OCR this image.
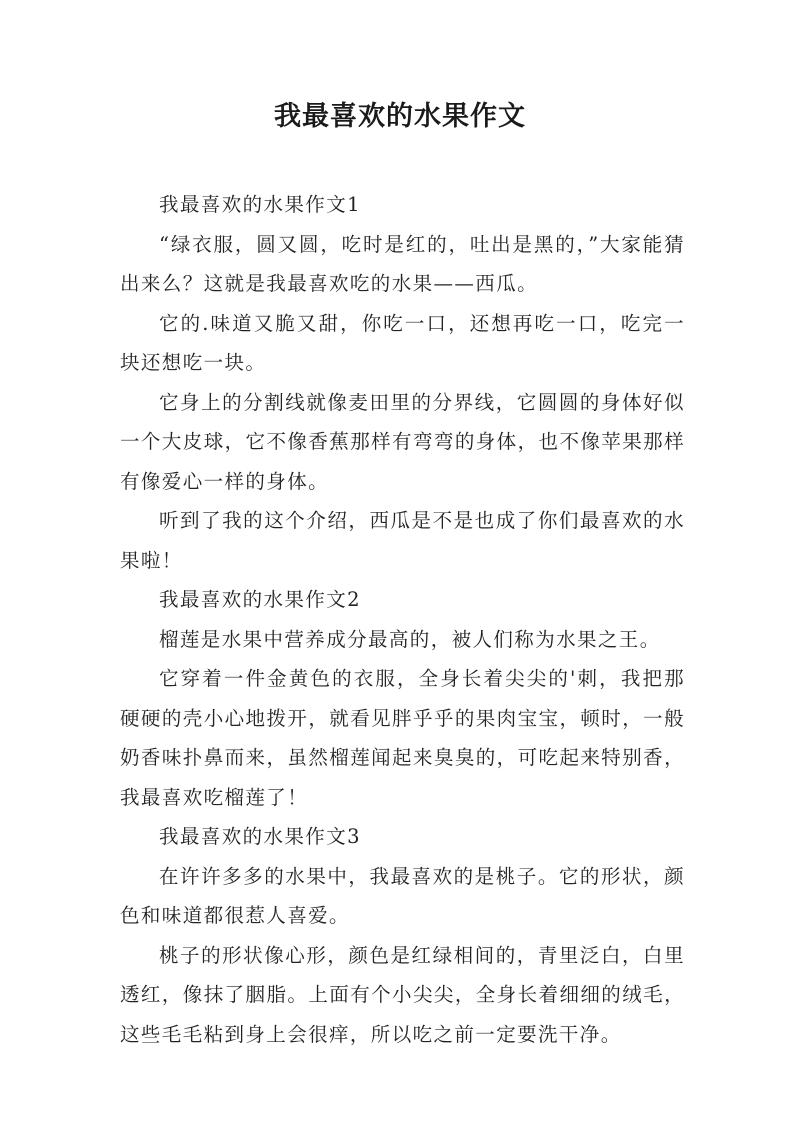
我最喜欢的水果作文

我最喜欢的水果作文1

“绿衣服，圆又圆，吃时是红的，吐出是黑的，”大家能猜出来么？这就是我最喜欢吃的水果——西瓜。

它的.味道又脆又甜，你吃一口，还想再吃一口，吃完一块还想吃一块。

它身上的分割线就像麦田里的分界线，它圆圆的身体好似一个大皮球，它不像香蕉那样有弯弯的身体，也不像苹果那样有像爱心一样的身体。

听到了我的这个介绍，西瓜是不是也成了你们最喜欢的水果啦！

我最喜欢的水果作文2

榴莲是水果中营养成分最高的，被人们称为水果之王。

它穿着一件金黄色的衣服，全身长着尖尖的'刺，我把那硬硬的壳小心地拨开，就看见胖乎乎的果肉宝宝，顿时，一般奶香味扑鼻而来，虽然榴莲闻起来臭臭的，可吃起来特别香，我最喜欢吃榴莲了！

我最喜欢的水果作文3

在许许多多的水果中，我最喜欢的是桃子。它的形状，颜色和味道都很惹人喜爱。

桃子的形状像心形，颜色是红绿相间的，青里泛白，白里透红，像抹了胭脂。上面有个小尖尖，全身长着细细的绒毛，这些毛毛粘到身上会很痒，所以吃之前一定要洗干净。
